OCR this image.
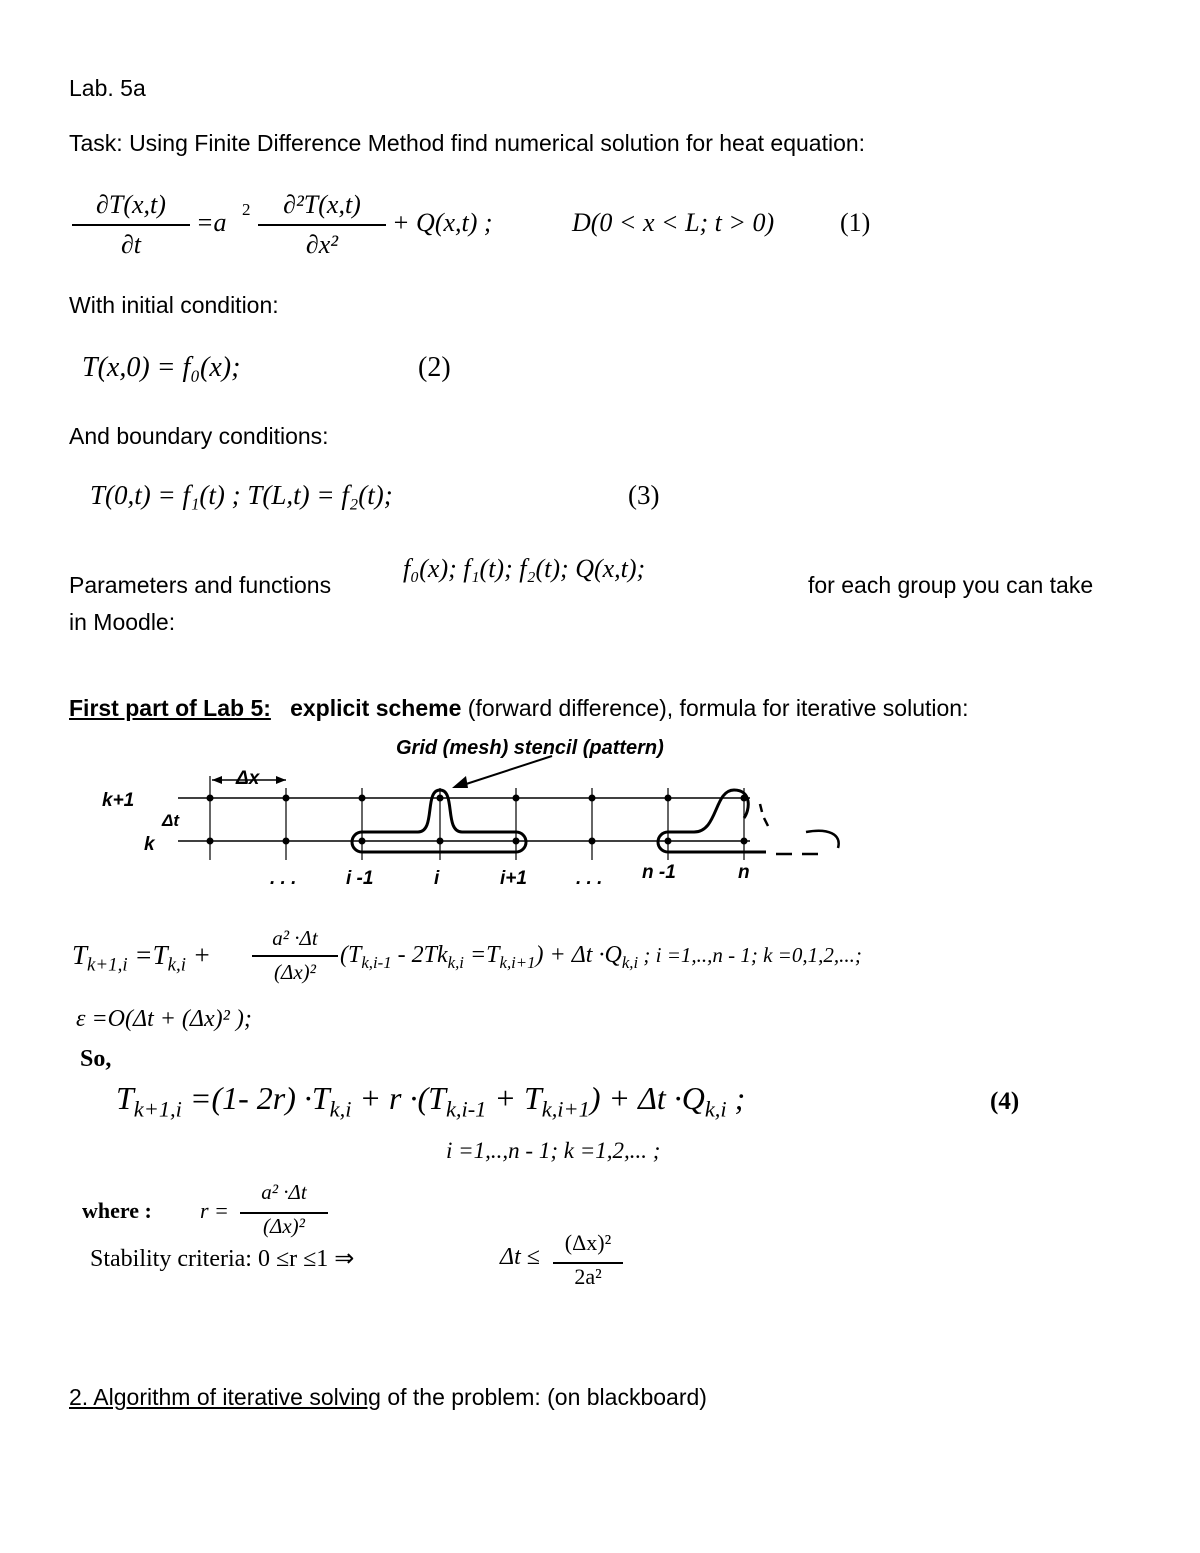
Lab. 5a
Task: Using Finite Difference Method find numerical solution for heat equation:
∂T(x,t)
∂t
=a 2	∂²T(x,t)
∂x²
+ Q(x,t) ;	D(0 < x < L; t > 0)	(1)
With initial condition:
T(x,0) = f₀(x);	(2)
And boundary conditions:
T(0,t) = f₁(t) ; T(L,t) = f₂(t);	(3)
Parameters and functions
f₀(x); f₁(t); f₂(t); Q(x,t);
for each group you can take
in Moodle:
First part of Lab 5: explicit scheme (forward difference), formula for iterative solution:
Grid (mesh) stencil (pattern)
k+1
k
Δx
Δt
. . .	i -1	i	i+1	. . . n -1	n
$T_{k+1,i} =T_{k,i}$ +
a² ·Δt
(Δx)²
$(T_{k,i-1} - 2Tk_{k,i} =T_{k,i+1}) + \Delta t \cdot Q_{k,i}$ ; i =1,..,n - 1; k =0,1,2,...;
ε =O(Δt + (Δx)² );
So,
$T_{k+1,i} =(1-$ $2r) \cdot T_{k,i} + r \cdot(T_{k,i-1} + T_{k,i+1}) + \Delta t \cdot Q_{k,i}$ ;	(4)
i =1,..,n - 1; k =1,2,... ;
where : r =
a² ·Δt
(Δx)²
Stability criteria: 0 ≤r ≤1 ⇒	Δt ≤
(Δx)²
2a²
2. Algorithm of iterative solving of the problem: (on blackboard)
